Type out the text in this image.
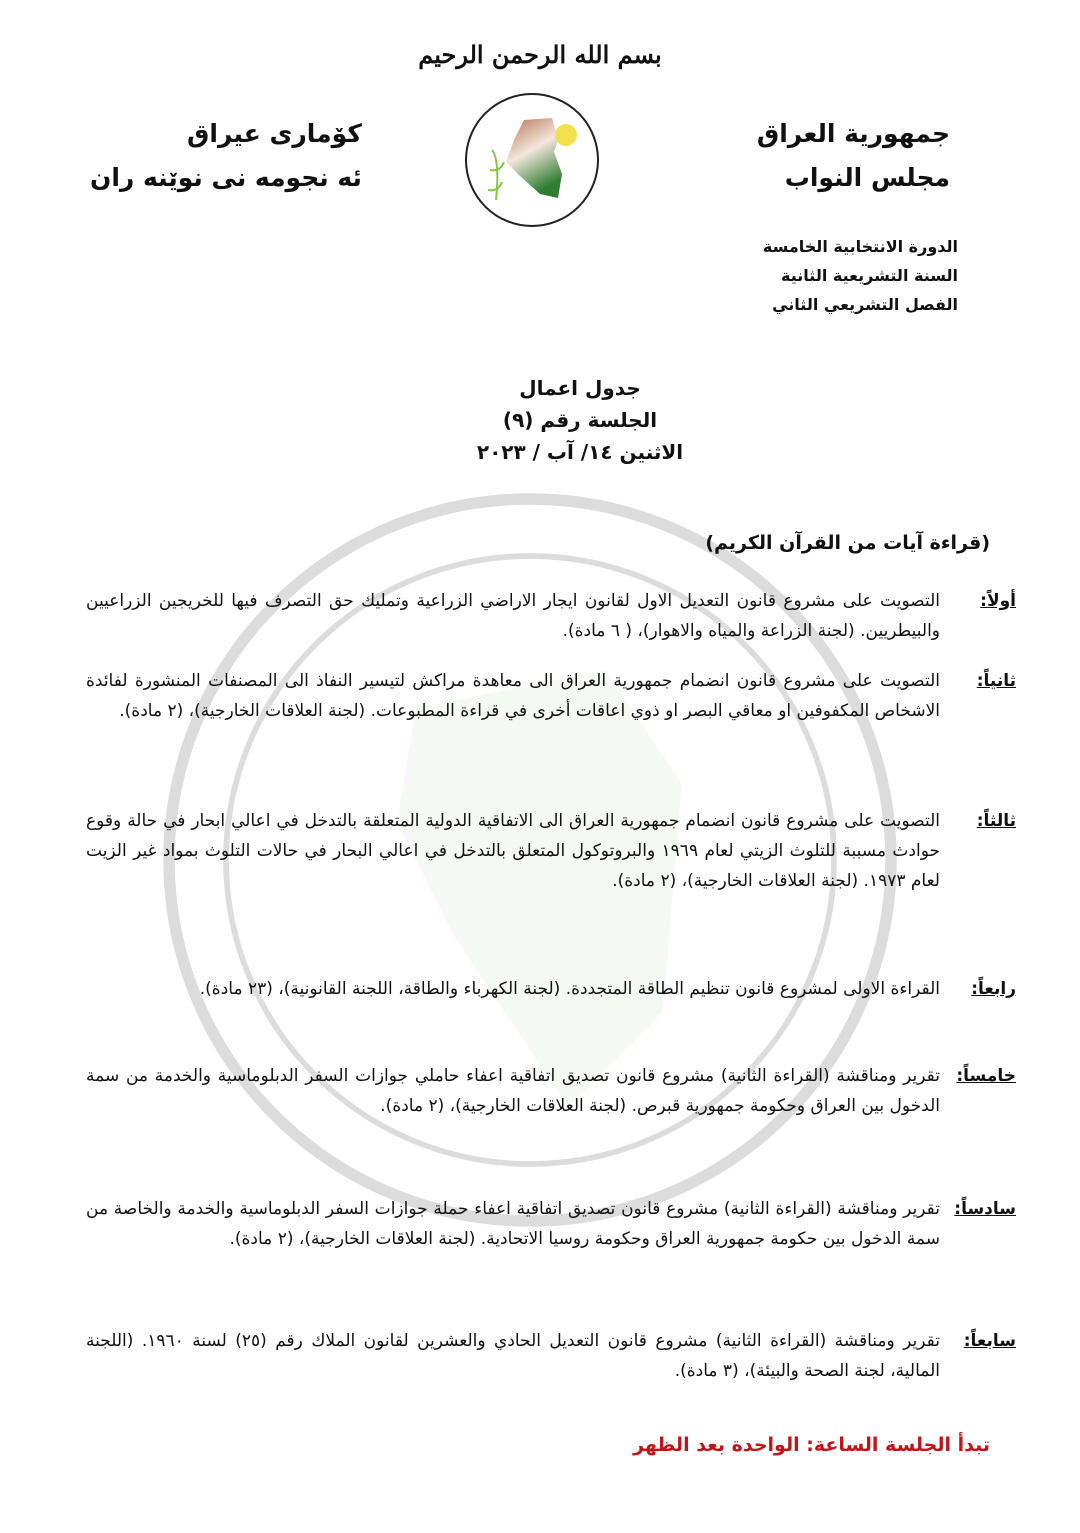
بسم الله الرحمن الرحيم
جمهورية العراق
مجلس النواب
كۆماری عیراق
ئه نجومه نی نوێنه ران
الدورة الانتخابية الخامسة
السنة التشريعية الثانية
الفصل التشريعي الثاني
جدول اعمال
الجلسة رقم (٩)
الاثنين ١٤/ آب / ٢٠٢٣
(قراءة آيات من القرآن الكريم)
أولاً:التصويت على مشروع قانون التعديل الاول لقانون ايجار الاراضي الزراعية وتمليك حق التصرف فيها للخريجين الزراعيين والبيطريين. (لجنة الزراعة والمياه والاهوار)، ( ٦ مادة).
ثانياً:التصويت على مشروع قانون انضمام جمهورية العراق الى معاهدة مراكش لتيسير النفاذ الى المصنفات المنشورة لفائدة الاشخاص المكفوفين او معاقي البصر او ذوي اعاقات أخرى في قراءة المطبوعات. (لجنة العلاقات الخارجية)، (٢ مادة).
ثالثاً:التصويت على مشروع قانون انضمام جمهورية العراق الى الاتفاقية الدولية المتعلقة بالتدخل في اعالي ابحار في حالة وقوع حوادث مسببة للتلوث الزيتي لعام ١٩٦٩ والبروتوكول المتعلق بالتدخل في اعالي البحار في حالات التلوث بمواد غير الزيت لعام ١٩٧٣. (لجنة العلاقات الخارجية)، (٢ مادة).
رابعاً:القراءة الاولى لمشروع قانون تنظيم الطاقة المتجددة. (لجنة الكهرباء والطاقة، اللجنة القانونية)، (٢٣ مادة).
خامساً:تقرير ومناقشة (القراءة الثانية) مشروع قانون تصديق اتفاقية اعفاء حاملي جوازات السفر الدبلوماسية والخدمة من سمة الدخول بين العراق وحكومة جمهورية قبرص. (لجنة العلاقات الخارجية)، (٢ مادة).
سادساً:تقرير ومناقشة (القراءة الثانية) مشروع قانون تصديق اتفاقية اعفاء حملة جوازات السفر الدبلوماسية والخدمة والخاصة من سمة الدخول بين حكومة جمهورية العراق وحكومة روسيا الاتحادية. (لجنة العلاقات الخارجية)، (٢ مادة).
سابعاً:تقرير ومناقشة (القراءة الثانية) مشروع قانون التعديل الحادي والعشرين لقانون الملاك رقم (٢٥) لسنة ١٩٦٠. (اللجنة المالية، لجنة الصحة والبيئة)، (٣ مادة).
تبدأ الجلسة الساعة: الواحدة بعد الظهر
